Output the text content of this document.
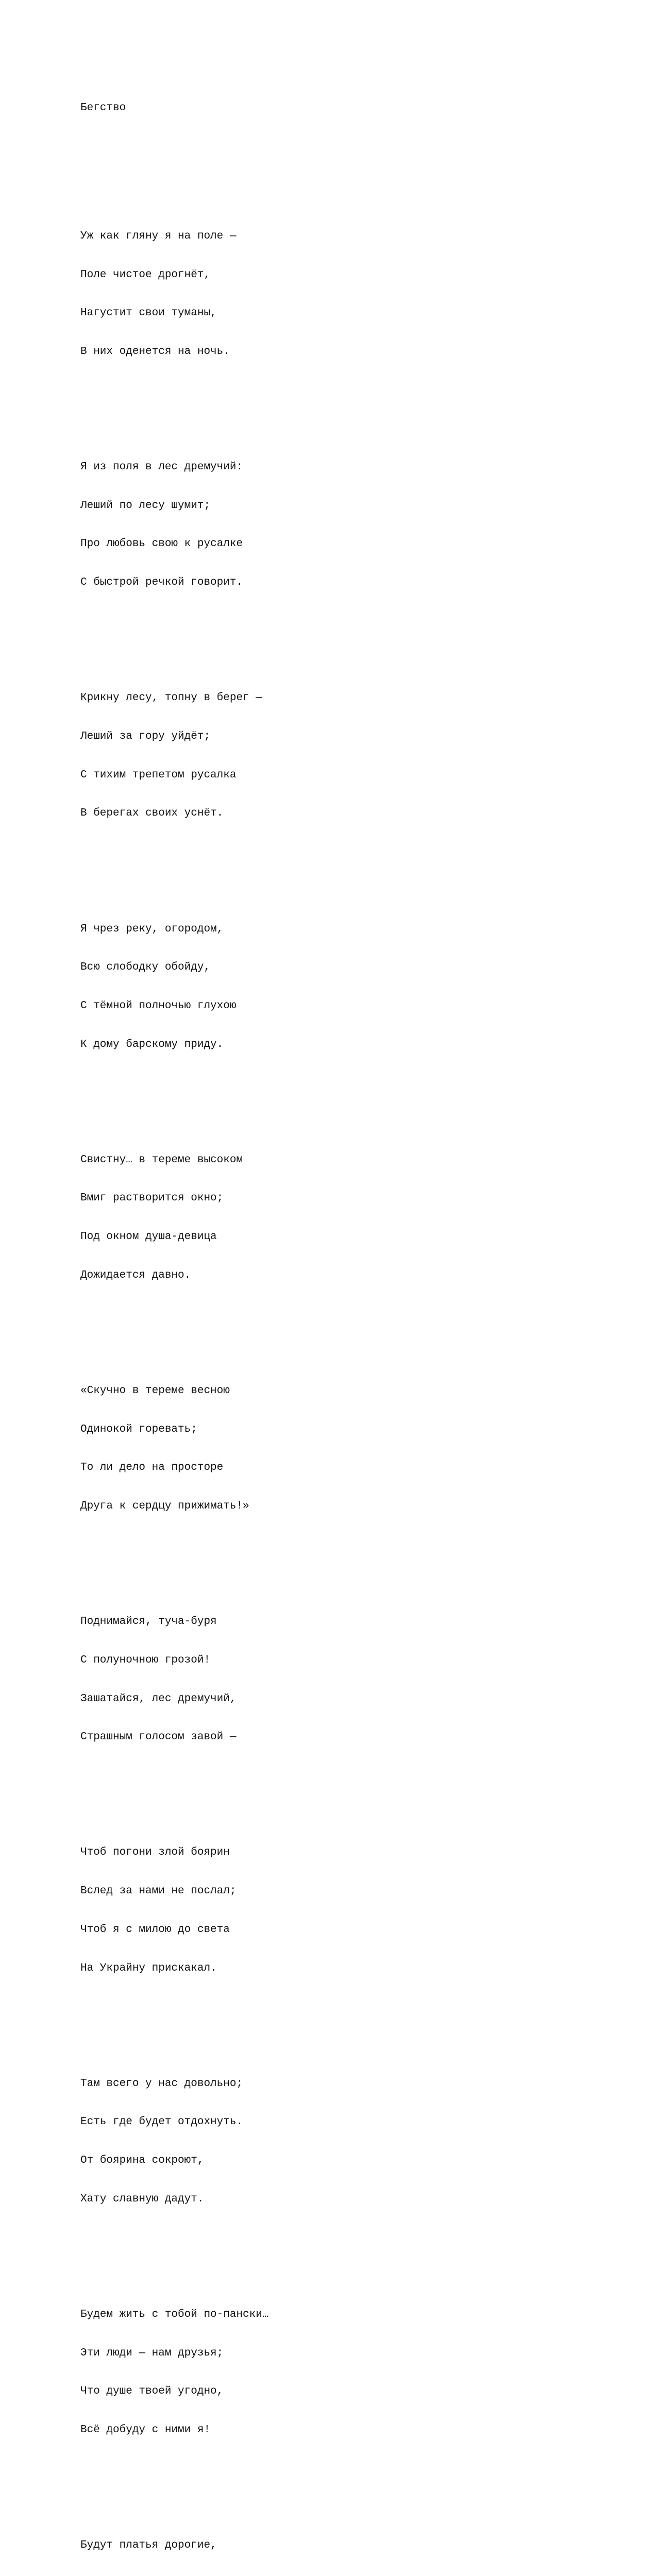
Бегство

Уж как гляну я на поле —

Поле чистое дрогнёт,

Нагустит свои туманы,

В них оденется на ночь.

Я из поля в лес дремучий:

Леший по лесу шумит;

Про любовь свою к русалке

С быстрой речкой говорит.

Крикну лесу, топну в берег —

Леший за гору уйдёт;

С тихим трепетом русалка

В берегах своих уснёт.

Я чрез реку, огородом,

Всю слободку обойду,

С тёмной полночью глухою

К дому барскому приду.

Свистну… в тереме высоком

Вмиг растворится окно;

Под окном душа-девица

Дожидается давно.

«Скучно в тереме весною

Одинокой горевать;

То ли дело на просторе

Друга к сердцу прижимать!»

Поднимайся, туча-буря

С полуночною грозой!

Зашатайся, лес дремучий,

Страшным голосом завой —

Чтоб погони злой боярин

Вслед за нами не послал;

Чтоб я с милою до света

На Украйну прискакал.

Там всего у нас довольно;

Есть где будет отдохнуть.

От боярина сокроют,

Хату славную дадут.

Будем жить с тобой по-пански…

Эти люди — нам друзья;

Что душе твоей угодно,

Всё добуду с ними я!

Будут платья дорогие,
